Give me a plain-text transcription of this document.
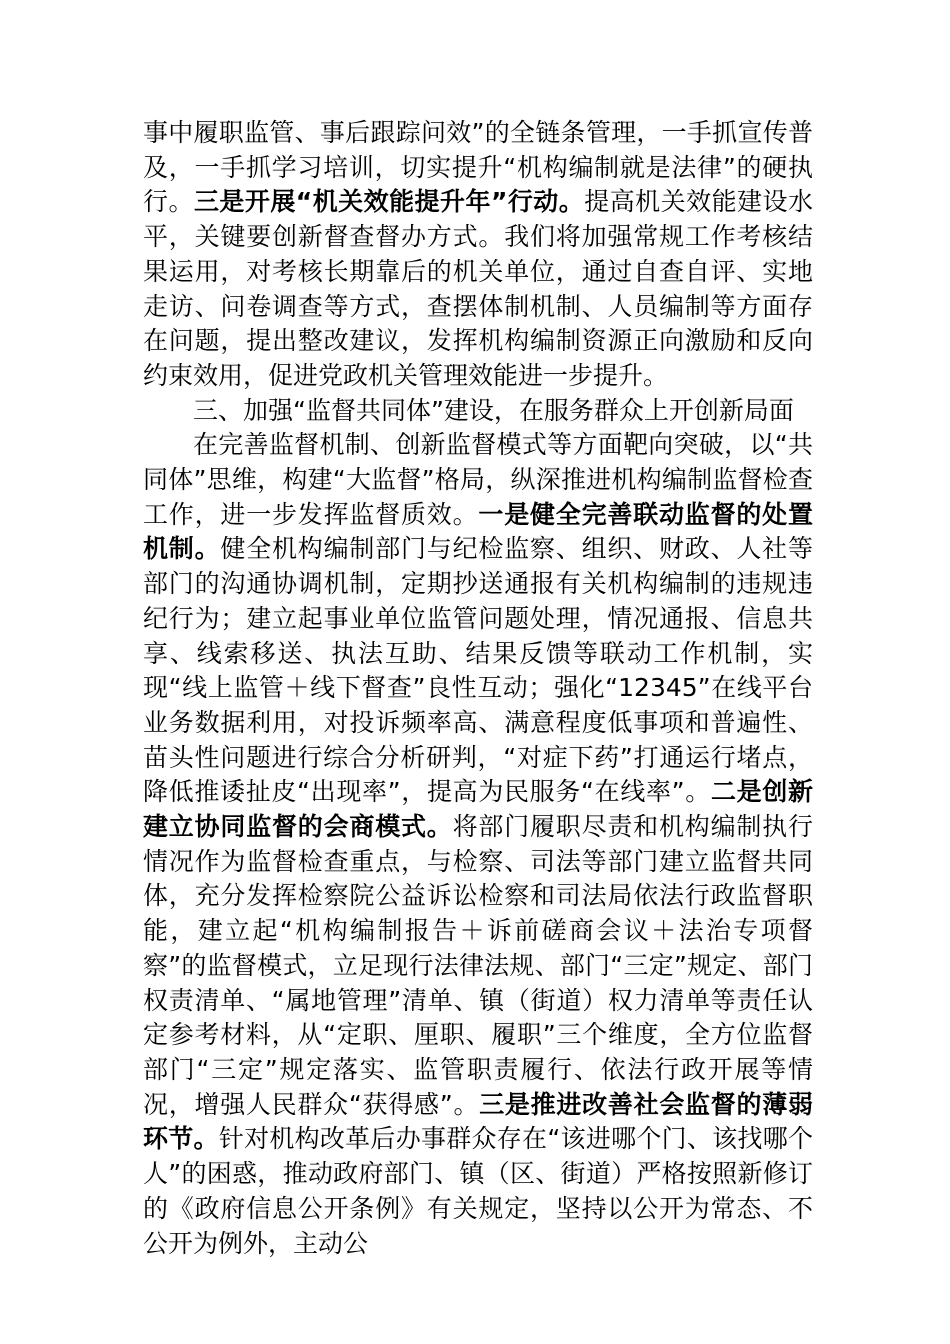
事中履职监管、事后跟踪问效”的全链条管理，一手抓宣传普及，一手抓学习培训，切实提升“机构编制就是法律”的硬执行。三是开展“机关效能提升年”行动。提高机关效能建设水平，关键要创新督查督办方式。我们将加强常规工作考核结果运用，对考核长期靠后的机关单位，通过自查自评、实地走访、问卷调查等方式，查摆体制机制、人员编制等方面存在问题，提出整改建议，发挥机构编制资源正向激励和反向约束效用，促进党政机关管理效能进一步提升。

三、加强“监督共同体”建设，在服务群众上开创新局面

在完善监督机制、创新监督模式等方面靶向突破，以“共同体”思维，构建“大监督”格局，纵深推进机构编制监督检查工作，进一步发挥监督质效。一是健全完善联动监督的处置机制。健全机构编制部门与纪检监察、组织、财政、人社等部门的沟通协调机制，定期抄送通报有关机构编制的违规违纪行为；建立起事业单位监管问题处理，情况通报、信息共享、线索移送、执法互助、结果反馈等联动工作机制，实现“线上监管＋线下督查”良性互动；强化“12345”在线平台业务数据利用，对投诉频率高、满意程度低事项和普遍性、苗头性问题进行综合分析研判，“对症下药”打通运行堵点，降低推诿扯皮“出现率”，提高为民服务“在线率”。二是创新建立协同监督的会商模式。将部门履职尽责和机构编制执行情况作为监督检查重点，与检察、司法等部门建立监督共同体，充分发挥检察院公益诉讼检察和司法局依法行政监督职能，建立起“机构编制报告＋诉前磋商会议＋法治专项督察”的监督模式，立足现行法律法规、部门“三定”规定、部门权责清单、“属地管理”清单、镇（街道）权力清单等责任认定参考材料，从“定职、厘职、履职”三个维度，全方位监督部门“三定”规定落实、监管职责履行、依法行政开展等情况，增强人民群众“获得感”。三是推进改善社会监督的薄弱环节。针对机构改革后办事群众存在“该进哪个门、该找哪个人”的困惑，推动政府部门、镇（区、街道）严格按照新修订的《政府信息公开条例》有关规定，坚持以公开为常态、不公开为例外，主动公
